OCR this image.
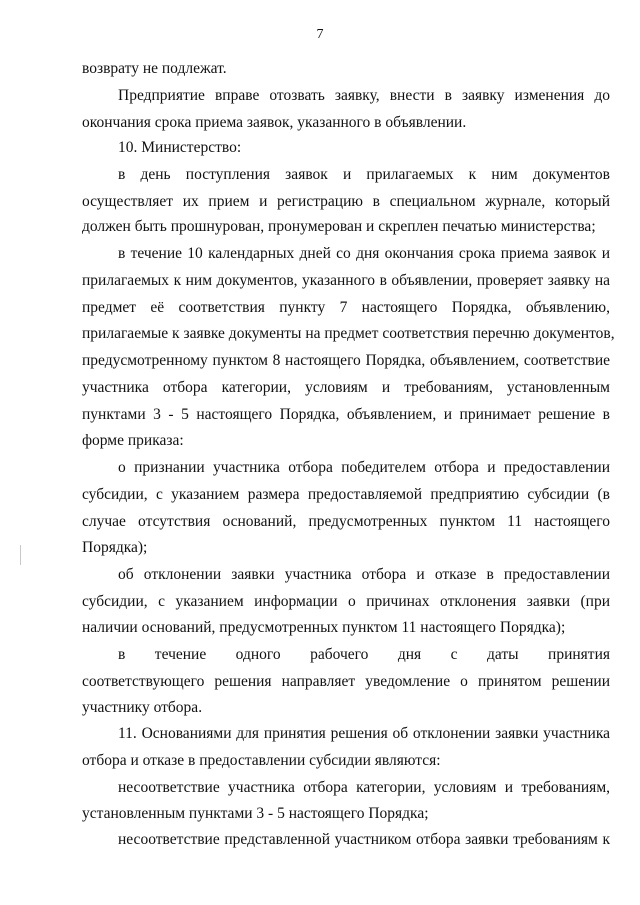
7
возврату не подлежат.
Предприятие вправе отозвать заявку, внести в заявку изменения до
окончания срока приема заявок, указанного в объявлении.
10. Министерство:
в день поступления заявок и прилагаемых к ним документов
осуществляет их прием и регистрацию в специальном журнале, который
должен быть прошнурован, пронумерован и скреплен печатью министерства;
в течение 10 календарных дней со дня окончания срока приема заявок и
прилагаемых к ним документов, указанного в объявлении, проверяет заявку на
предмет её соответствия пункту 7 настоящего Порядка, объявлению,
прилагаемые к заявке документы на предмет соответствия перечню документов,
предусмотренному пунктом 8 настоящего Порядка, объявлением, соответствие
участника отбора категории, условиям и требованиям, установленным
пунктами 3 - 5 настоящего Порядка, объявлением, и принимает решение в
форме приказа:
о признании участника отбора победителем отбора и предоставлении
субсидии, с указанием размера предоставляемой предприятию субсидии (в
случае отсутствия оснований, предусмотренных пунктом 11 настоящего
Порядка);
об отклонении заявки участника отбора и отказе в предоставлении
субсидии, с указанием информации о причинах отклонения заявки (при
наличии оснований, предусмотренных пунктом 11 настоящего Порядка);
в течение одного рабочего дня с даты принятия
соответствующего решения направляет уведомление о принятом решении
участнику отбора.
11. Основаниями для принятия решения об отклонении заявки участника
отбора и отказе в предоставлении субсидии являются:
несоответствие участника отбора категории, условиям и требованиям,
установленным пунктами 3 - 5 настоящего Порядка;
несоответствие представленной участником отбора заявки требованиям к
